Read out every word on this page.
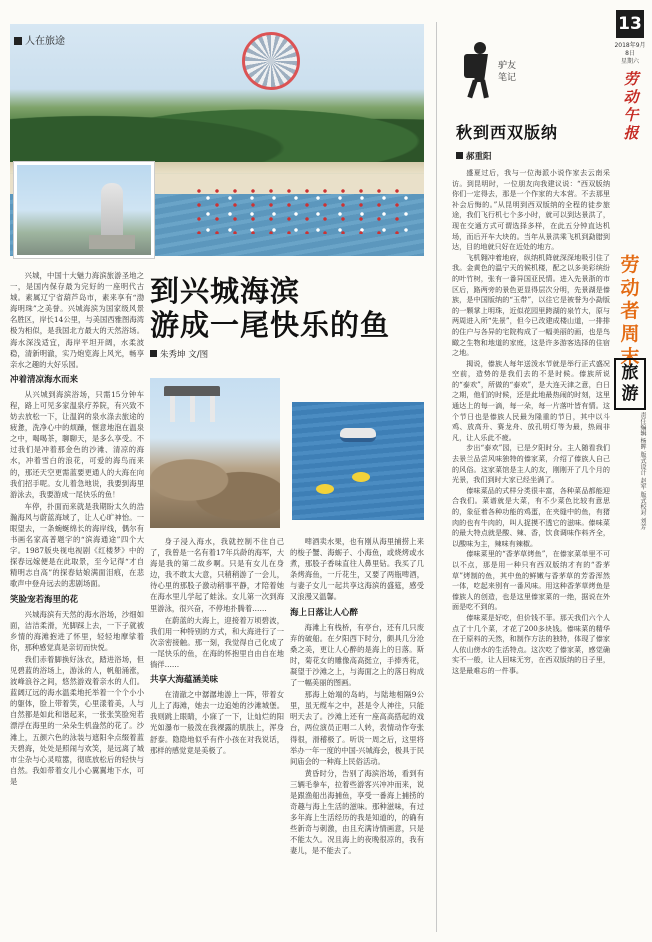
人在旅途

兴城，中国十大魅力海滨旅游圣地之一，是国内保存最为完好的一座明代古城。素属辽宁省葫芦岛市，素来享有“渤海明珠”之美誉。兴城海滨为国家级风景名胜区，岸长14公里，与美国西雅图海湾极为相似，是我国北方最大的天然浴场。海水深浅适宜，海岸平坦开阔，水柔波稳，清新明澈，实乃炮览海上风光，畅享亲水之趣的大好乐园。

冲着清凉海水而来

从兴城到海滨浴场，只需15分钟车程，路上可见多家温泉疗养院，有兴致不妨去放松一下，让温润的泉水涤去旅途的疲惫，洗净心中的烦躁，惬意地泡在温泉之中，喝喝茶，聊聊天，是多么享受。不过我们是冲着那金色的沙滩、清凉的海水，冲着雪白的浪花，可爱的海鸟而来的，那还天空更需蓝要更通人的大海在向我们招手呢。女儿着急地说，我要到海里游泳去，我要游成一尾快乐的鱼！

车停，扑面而来就是我期盼太久的浩瀚海风与蔚蓝海域了，让人心旷神怡。一眼望去，一条蜿蜒绵长的海岸线，偶尔有书画名家高普题字的“滨海通途”四个大字。1987版央视电视剧《红楼梦》中的探春远嫁便是在此取景，至今记得“才自精明志自高”的探春姑娘满面泪痕，在悲歌声中登舟远去的悲剧场面。

笑脸宠若海里的花

兴城海滨有天然的海水浴场，沙细如面，洁洁柔滑，光脚踩上去，一下子就被乡情的海滩抱进了怀里，轻轻地摩挲着你，那种感觉真是亲切而快悦。

我们赤着脚换好泳衣，踏进浴场，但见碧蓝的浴场上，游泳的人，帆船涌涨，波峰浪谷之间，悠然游戏着亲水的人们。蓝阔辽远的海水温柔地托举着一个个小小的躯体，脸上带着笑，心里漾着美，人与自然都是如此和谐起来，一张张笑脸宛若漂浮在海里的一朵朵生机盎然的花了。沙滩上，五颜六色的泳装与遮阳伞点缀着蓝天碧海，处处是照闹与欢笑，是远离了城市尘杂与心灵喧嚣，彻底放松后的轻快与自然。我如带着女儿小心翼翼地下水，可是

到兴城海滨
游成一尾快乐的鱼
朱秀坤 文/图

身子浸入海水，我就控制不住自己了，我曾是一名有着17年兵龄的海军，大海是我的第二故乡啊。只是有女儿在身边，我不敢太大意，只稍稍游了一会儿，待心里的那股子激动稍事平静，才陪着她在海水里儿学起了蛙泳。女儿第一次到海里游泳，很兴奋，不停地扑腾着……

在蔚蓝的大海上，迎接着万顷碧波，我们用一种特别的方式，和大海进行了一次亲密接触。那一刻，我觉得自己化成了一尾快乐的鱼，在海的怀抱里自由自在地徜徉……

共享大海蕴涵美味

在清澈之中潺潺地游上一阵，带着女儿上了海滩，她去一边追她的沙滩城堡。我则跳上眼睛，小寐了一下，让灿烂的阳光如瀑布一般泼在我裸露的肌肤上，浑身舒泰。隐隐地似乎有件小孩在对我说话，那样的感觉竟是美极了。

啤酒卖水果，也有刚从海里捕捞上来的梭子蟹、海蛎子、小海鱼，或烧烤或水煮，那股子香味直往人鼻里钻。我买了几条烤海鱼，一斤花生，又要了两瓶啤酒，与妻子女儿一起共享这海滨的盛筵，感受又浪漫又温馨。

海上日落让人心醉

海滩上有栈桥，有亭台，还有几只废弃的破船。在夕阳西下时分，颇具几分沧桑之美，更让人心醉的是海上的日落。斯时，菊花女的雕像高高挺立，手捧秀花，凝望于沙滩之上，与海面之上的落日构成了一幅美丽的图画。

那海上始端的岛屿，与陆地相隔9公里，虽无缆车之中，甚是令人神往，只能明天去了。沙滩上还有一座高高搭起的戏台，两位演员正唱二人转，表情动作夸张得很，滑稽极了。听说一周之后，这里将举办一年一度的中国·兴城海会，极具于民间庙会的一种海上民俗活动。

黄昏时分，告别了海滨浴场，看到有三辆毛拳车，拉着些游客兴冲冲而来，说是跟渔船出海捕鱼，享受一番海上捕捞的奇趣与海上生活的滋味。那种滋味，有过多年海上生活经历的我是知道的，的确有些新奇与刺激，由且充满诗情画意，只是不能太久。况且海上的夜晚很凉的，我有妻儿，是不能去了。

驴友
笔记
秋到西双版纳
郝重阳

盛夏过后，我与一位海派小说作家去云南采访。到昆明时，一位朋友向我建议说：“西双版纳你们一定得去，那是一个作家的大本营。不去那里补会后悔的。”从昆明到西双版纳的全程的徒步旅途，我们飞行机七个多小时，就可以到达景洪了，现在交通方式可谓选择多样，在此五分钟直达机场，而后开车大块的。当年从景洪乘飞机到勐腊到达，目的地就只好在近处的地方。

飞机翱冲着地府，纵纳机降就深深地吸引住了我。金黄色的温宁天的候机楼，配之以多美彩缤纷的叶竹树，张有一番异国亚民情。进入先景浙的市区后，路两旁的景色更显得层次分明，先景湖是傣族，是中国版纳的“玉带”，以往它是被誉为小勐版的一颗掌上明珠，近似花园里跨湖的泉竹大，原与两周进入所“先景”，但今已改建成楼山道，一排排的住户与各异的宅院构成了一幅美丽的画，也是鸟瞰之生物和地道的家庭，这是许多游客选择的住宿之地。

揭说，傣族人每年送泼水节就是举行正式盛况空前，造势的是我们去的不是时候。傣族所说的“泰欢”，所做的“泰欢”，是大连天津之意，白日之期，他们的时候，还是此地最热闹的时刻，这里通达上的每一滴，每一朵，每一片落叶皆有情。这个节日也是傣族人民最为隆重的节日，其中以斗鸡、放高升、赛龙舟、放孔明灯等为最，热闹非凡，让人乐此不疲。

步出“泰欢”园，已是夕阳时分。主人随看我们去景兰品尝风味独特的傣家菜，介绍了傣族人自己的风俗。这家菜馆是主人的友，刚刚开了几个月的光景，我们到时大家已经坐满了。

傣味菜品的式样分类很丰富，各种菜品都能迎合我们。菜谱就是大菜，有不少菜色比较有意思的，象征着各种功能的鸡蛋，在夹缝中的鱼，有猪肉的也有牛肉的，叫人捉摸不透它的滋味。傣味菜的最大特点就是酸、辣、香，饮食调味作料齐全，以酸味为主，辣味有辣椒。

傣味菜里的“香茅草烤鱼”，在傣家菜单里不可以不点，那是用一种只有西双版纳才有的“香茅草”烤制的鱼，其中鱼的鲜嫩与香茅草的芳香浑然一体，吃起来别有一番风味。用这种香茅草烤鱼是傣族人的创造，也是这里傣家菜的一绝，据说在外面是吃不到的。

傣味菜是好吃，但价钱不菲。那天我们六个人点了十几个菜，才花了200多块钱。傣味菜的精华在于原料的天然，和制作方法的独特，体现了傣家人依山傍水的生活特点。这次吃了傣家菜，感觉确实不一般，让人回味无穷，在西双版纳的日子里，这是最难忘的一件事。

13
2018年9月8日
星期六
劳动午报
劳动者周末
旅游
责任编辑 杨晖 版式设计 赵军 版式校对 刘芳
